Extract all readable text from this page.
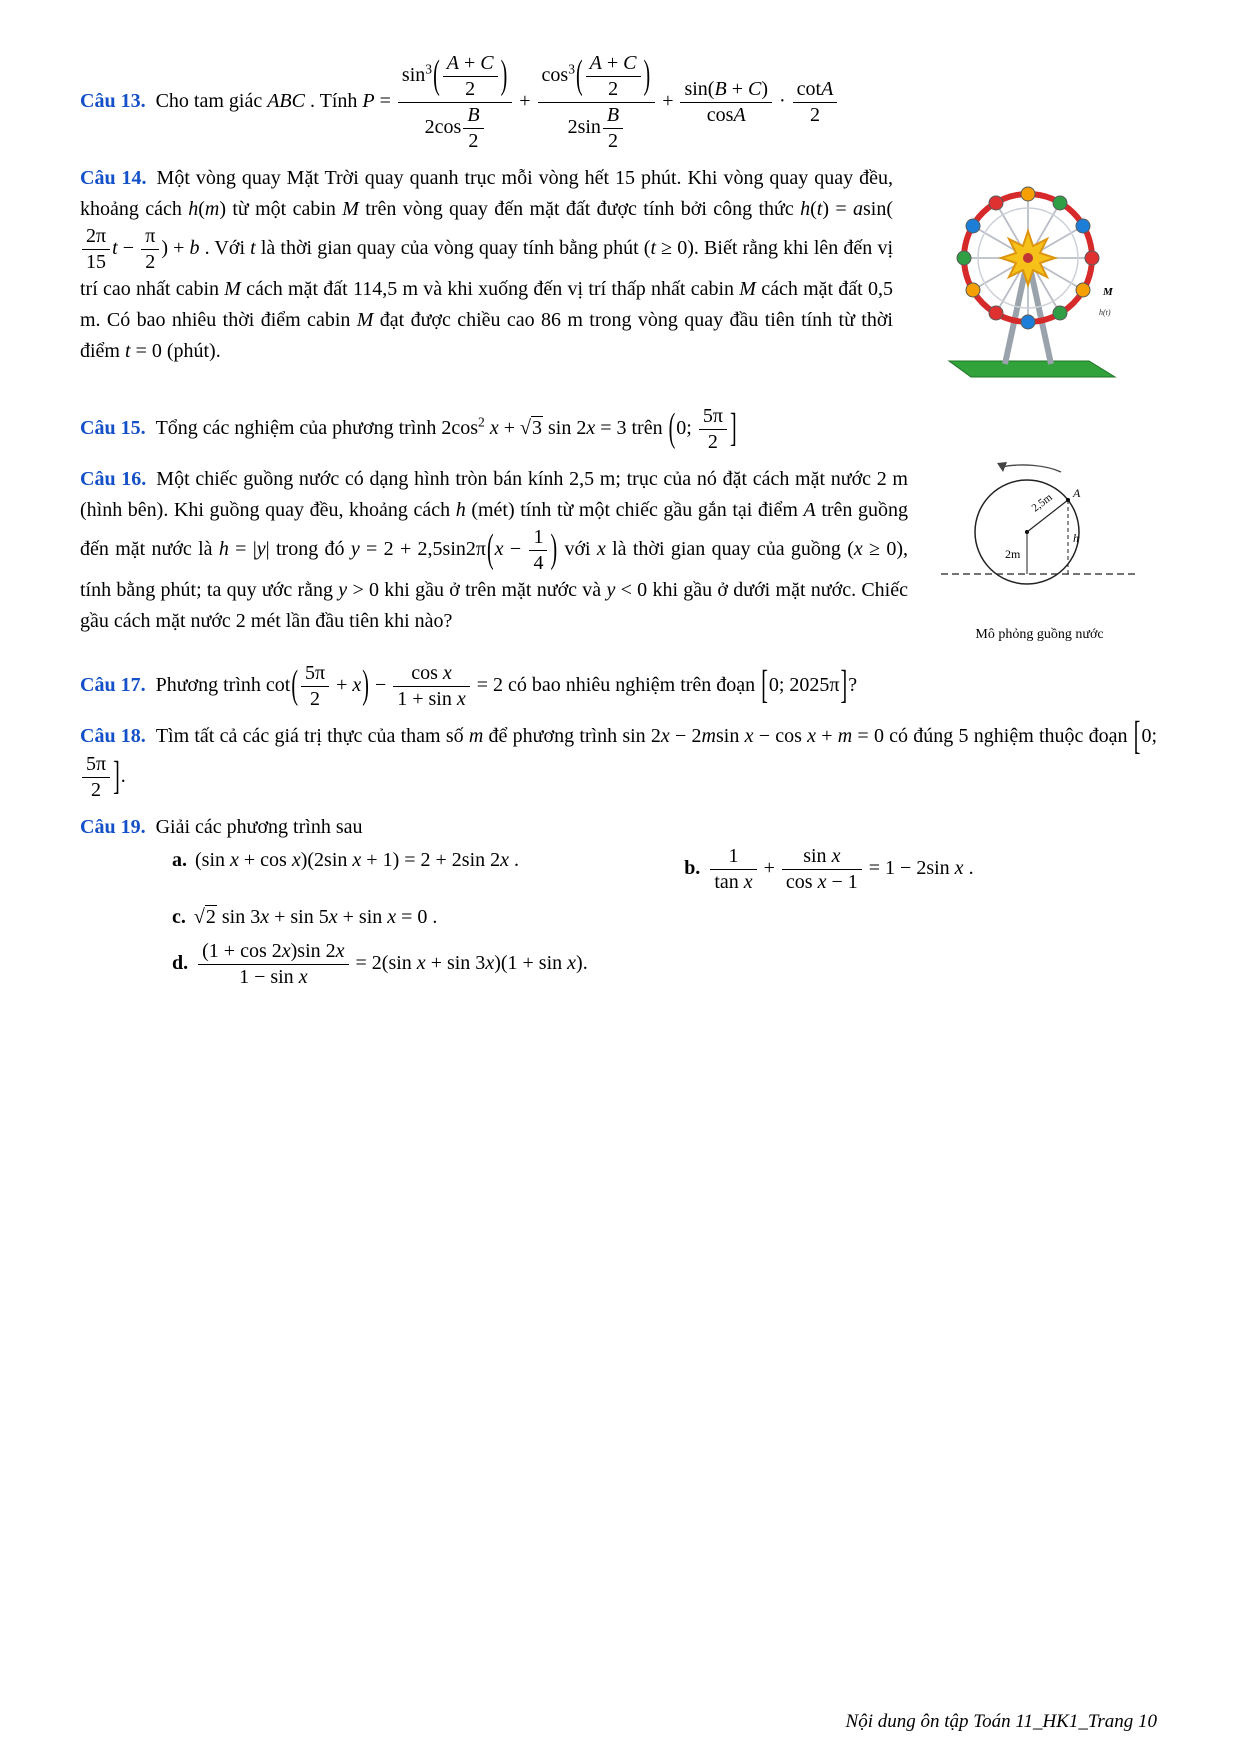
Câu 13. Cho tam giác ABC . Tính $P = \frac{\sin^3( \frac{A + C}{2} )}{2\cos \frac{B}{2}} + \frac{\cos^3( \frac{A + C}{2} )}{2\sin \frac{B}{2}} + \frac{\sin(B + C)}{\cos A} \cdot \frac{\cot A}{2}$
M
h(t)
Câu 14. Một vòng quay Mặt Trời quay quanh trục mỗi vòng hết 15 phút. Khi vòng quay quay đều, khoảng cách h(m) từ một cabin M trên vòng quay đến mặt đất được tính bởi công thức h(t) = asin(
$\frac{2\pi}{15}$ $t - \frac{\pi}{2}$ ) + b . Với t là thời gian quay của vòng quay tính bằng phút (t ≥ 0). Biết rằng khi lên đến vị trí cao nhất cabin M cách mặt đất 114,5 m và khi xuống đến vị trí thấp nhất cabin M cách mặt đất 0,5 m. Có bao nhiêu thời điểm cabin M đạt được chiều cao 86 m trong vòng quay đầu tiên tính từ thời điểm t = 0 (phút).
Câu 15. Tổng các nghiệm của phương trình $2\cos^2$ x + √3 sin 2x = 3 trên (0; $\frac{5\pi}{2}$ ]
A
2,5m
2m
h
Mô phỏng guồng nước
Câu 16. Một chiếc guồng nước có dạng hình tròn bán kính 2,5 m; trục của nó đặt cách mặt nước 2 m (hình bên). Khi guồng quay đều, khoảng cách h (mét) tính từ một chiếc gầu gắn tại điểm A trên guồng đến mặt nước là h = |y| trong đó $y = 2 + 2,5\sin 2\pi(x - \frac{1}{4}$ ) với x là thời gian quay của guồng (x ≥ 0), tính bằng phút; ta quy ước rằng y > 0 khi gầu ở trên mặt nước và y < 0 khi gầu ở dưới mặt nước. Chiếc gầu cách mặt nước 2 mét lần đầu tiên khi nào?
Câu 17. Phương trình $\cot( \frac{5\pi}{2} + x) - \frac{\text{cos x}}{\text{1 + sin x}} = 2$ có bao nhiêu nghiệm trên đoạn [0; 2025π]?
Câu 18. Tìm tất cả các giá trị thực của tham số m để phương trình sin 2x − 2msin x − cos x + m = 0 có đúng 5 nghiệm thuộc đoạn [0;
$\frac{5\pi}{2}$ ].
Câu 19. Giải các phương trình sau
a. (sin x + cos x)(2sin x + 1) = 2 + 2sin 2x .	b. $\frac{1}{\text{tan x}} + \frac{\text{sin x}}{\text{cos x − 1}} = 1 - 2\sin$ x .
c. √2 sin 3x + sin 5x + sin x = 0 .
d. $\frac{(1 + \cos 2x)\sin 2x}{\text{1 − sin x}} = 2(\sin$ x + sin 3x)(1 + sin x).
Nội dung ôn tập Toán 11_HK1_Trang 10
